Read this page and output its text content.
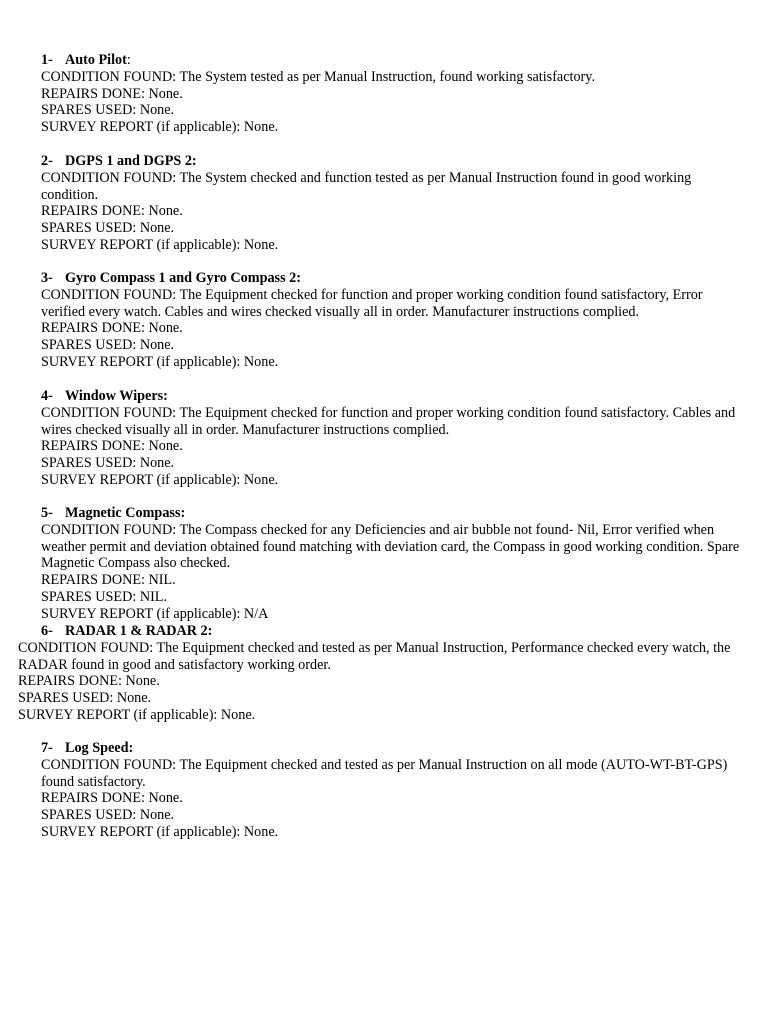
1- Auto Pilot:
CONDITION FOUND: The System tested as per Manual Instruction, found working satisfactory.
REPAIRS DONE: None.
SPARES USED: None.
SURVEY REPORT (if applicable): None.
2- DGPS 1 and DGPS 2:
CONDITION FOUND: The System checked and function tested as per Manual Instruction found in good working condition.
REPAIRS DONE: None.
SPARES USED: None.
SURVEY REPORT (if applicable): None.
3- Gyro Compass 1 and Gyro Compass 2:
CONDITION FOUND: The Equipment checked for function and proper working condition found satisfactory, Error verified every watch. Cables and wires checked visually all in order. Manufacturer instructions complied.
REPAIRS DONE: None.
SPARES USED: None.
SURVEY REPORT (if applicable): None.
4- Window Wipers:
CONDITION FOUND: The Equipment checked for function and proper working condition found satisfactory. Cables and wires checked visually all in order. Manufacturer instructions complied.
REPAIRS DONE: None.
SPARES USED: None.
SURVEY REPORT (if applicable): None.
5- Magnetic Compass:
CONDITION FOUND: The Compass checked for any Deficiencies and air bubble not found- Nil, Error verified when weather permit and deviation obtained found matching with deviation card, the Compass in good working condition. Spare Magnetic Compass also checked.
REPAIRS DONE: NIL.
SPARES USED: NIL.
SURVEY REPORT (if applicable): N/A
6- RADAR 1 & RADAR 2:
CONDITION FOUND: The Equipment checked and tested as per Manual Instruction, Performance checked every watch, the RADAR found in good and satisfactory working order.
REPAIRS DONE: None.
SPARES USED: None.
SURVEY REPORT (if applicable): None.
7- Log Speed:
CONDITION FOUND: The Equipment checked and tested as per Manual Instruction on all mode (AUTO-WT-BT-GPS) found satisfactory.
REPAIRS DONE: None.
SPARES USED: None.
SURVEY REPORT (if applicable): None.
